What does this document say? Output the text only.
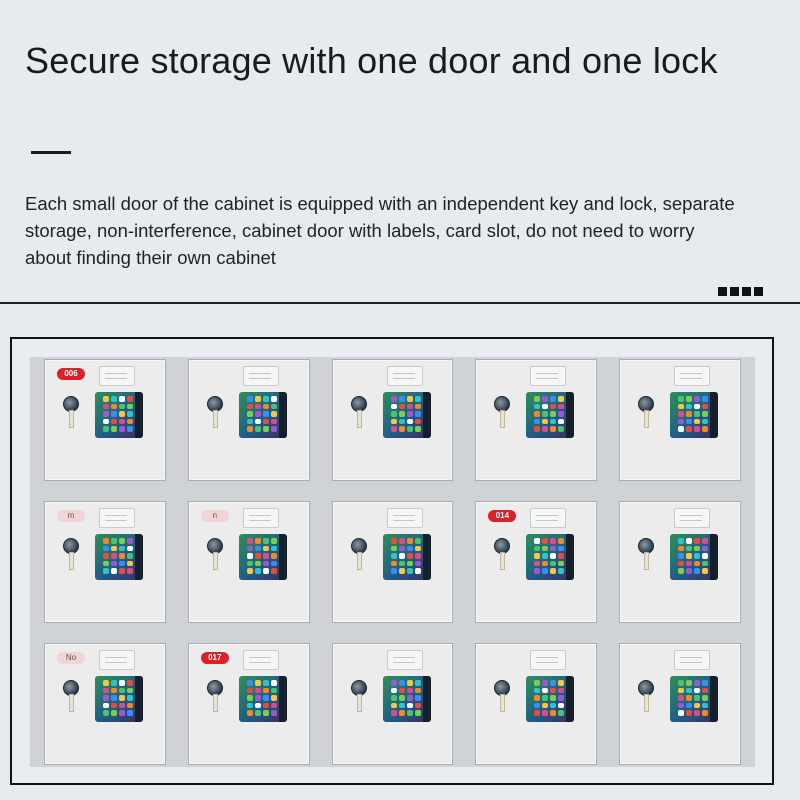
Secure storage with one door and one lock

Each small door of the cabinet is equipped with an independent key and lock, separate storage, non-interference, cabinet door with labels, card slot, do not need to worry about finding their own cabinet

006
m	n	014
No	017
